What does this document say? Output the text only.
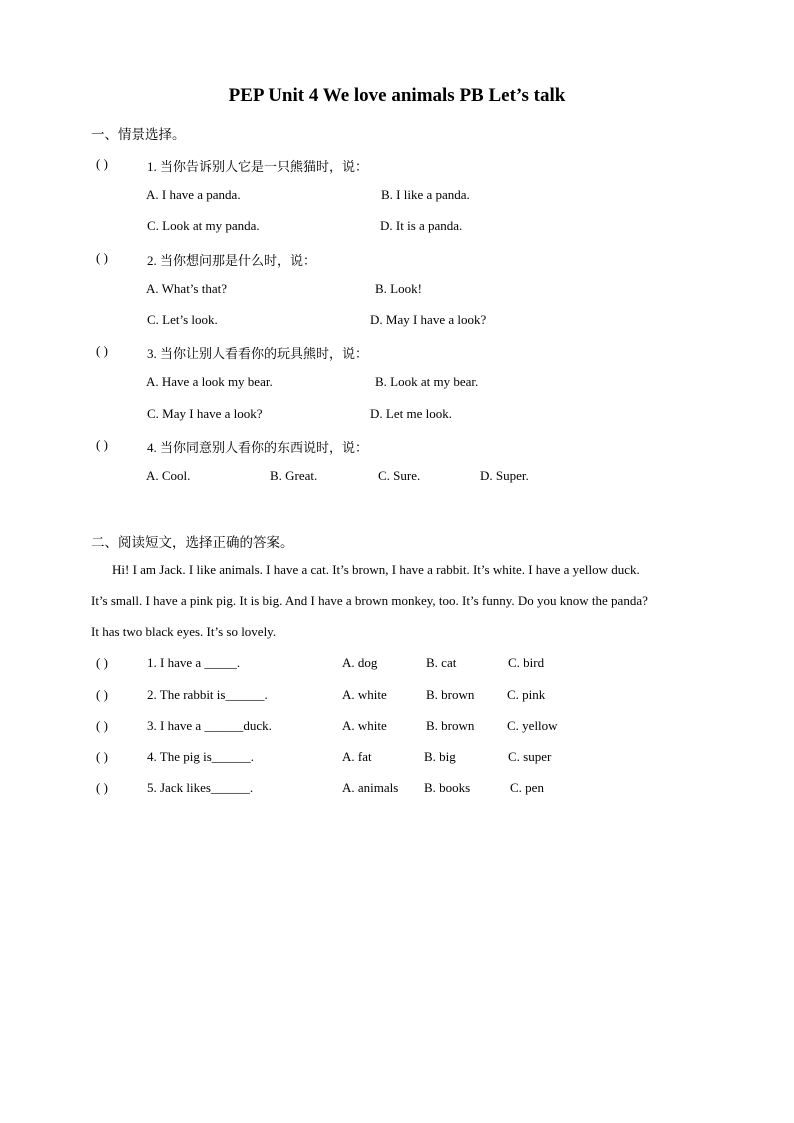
PEP Unit 4 We love animals PB Let’s talk
一、情景选择。
( )	1. 当你告诉别人它是一只熊猫时，说：
A. I have a panda.	B. I like a panda.
C. Look at my panda.	D. It is a panda.
( )	2. 当你想问那是什么时，说：
A. What’s that?	B. Look!
C. Let’s look.	D. May I have a look?
( )	3. 当你让别人看看你的玩具熊时，说：
A. Have a look my bear.	B. Look at my bear.
C. May I have a look?	D. Let me look.
( )	4. 当你同意别人看你的东西说时，说：
A. Cool.	B. Great.	C. Sure.	D. Super.
二、阅读短文，选择正确的答案。
Hi! I am Jack. I like animals. I have a cat. It’s brown, I have a rabbit. It’s white. I have a yellow duck.
It’s small. I have a pink pig. It is big. And I have a brown monkey, too. It’s funny. Do you know the panda?
It has two black eyes. It’s so lovely.
( )	1. I have a _____.	A. dog	B. cat	C. bird
( )	2. The rabbit is______.	A. white	B. brown	C. pink
( )	3. I have a ______duck.	A. white	B. brown	C. yellow
( )	4. The pig is______.	A. fat	B. big	C. super
( )	5. Jack likes______.	A. animals B. books	C. pen
